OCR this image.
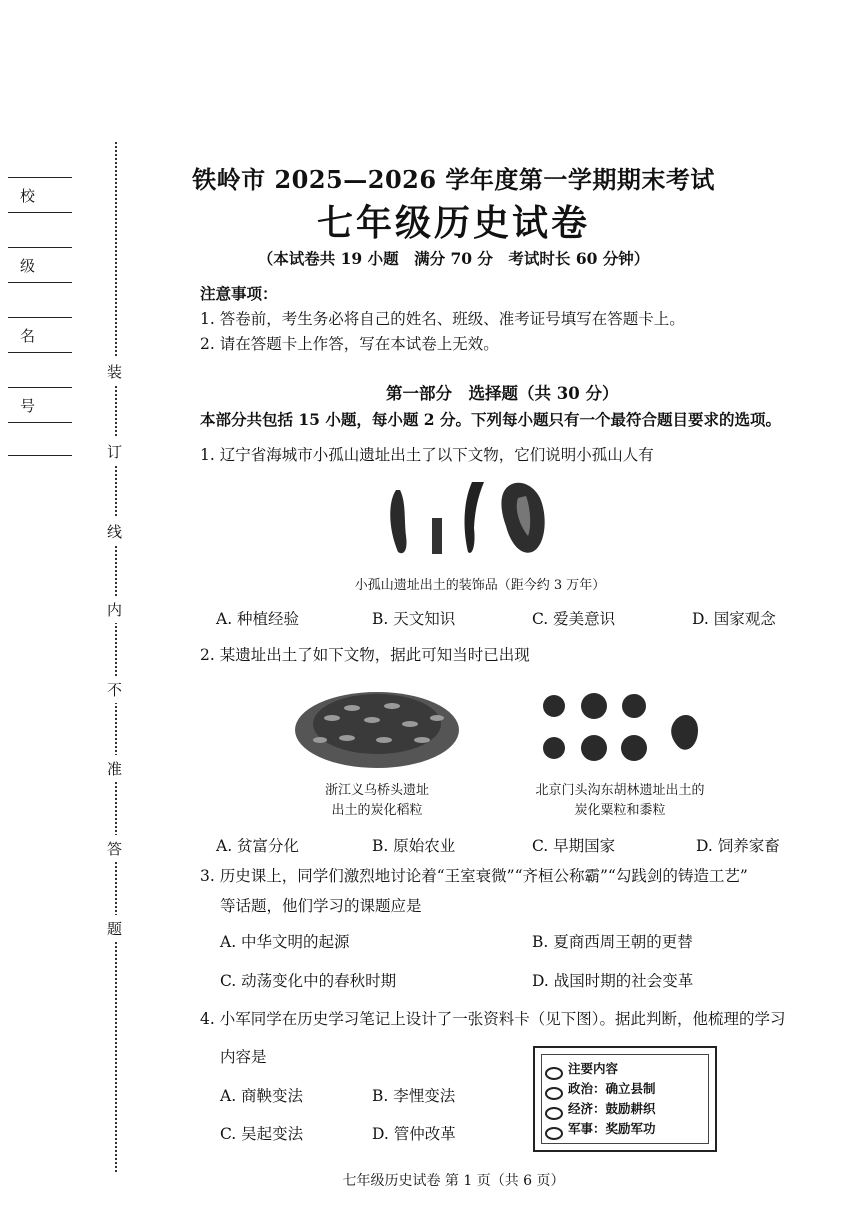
校
级
名
号
装
订
线
内
不
准
答
题
铁岭市 2025—2026 学年度第一学期期末考试
七年级历史试卷
（本试卷共 19 小题　满分 70 分　考试时长 60 分钟）
注意事项：
1. 答卷前，考生务必将自己的姓名、班级、准考证号填写在答题卡上。
2. 请在答题卡上作答，写在本试卷上无效。
第一部分　选择题（共 30 分）
本部分共包括 15 小题，每小题 2 分。下列每小题只有一个最符合题目要求的选项。
1. 辽宁省海城市小孤山遗址出土了以下文物，它们说明小孤山人有
小孤山遗址出土的装饰品（距今约 3 万年）
A. 种植经验	B. 天文知识	C. 爱美意识	D. 国家观念
2. 某遗址出土了如下文物，据此可知当时已出现
浙江义乌桥头遗址
出土的炭化稻粒
北京门头沟东胡林遗址出土的
炭化粟粒和黍粒
A. 贫富分化	B. 原始农业	C. 早期国家	D. 饲养家畜
3. 历史课上，同学们激烈地讨论着“王室衰微”“齐桓公称霸”“勾践剑的铸造工艺”
等话题，他们学习的课题应是
A. 中华文明的起源	B. 夏商西周王朝的更替
C. 动荡变化中的春秋时期	D. 战国时期的社会变革
4. 小军同学在历史学习笔记上设计了一张资料卡（见下图）。据此判断，他梳理的学习
内容是
A. 商鞅变法	B. 李悝变法
C. 吴起变法	D. 管仲改革
注要内容
政治：确立县制
经济：鼓励耕织
军事：奖励军功
七年级历史试卷 第 1 页（共 6 页）
